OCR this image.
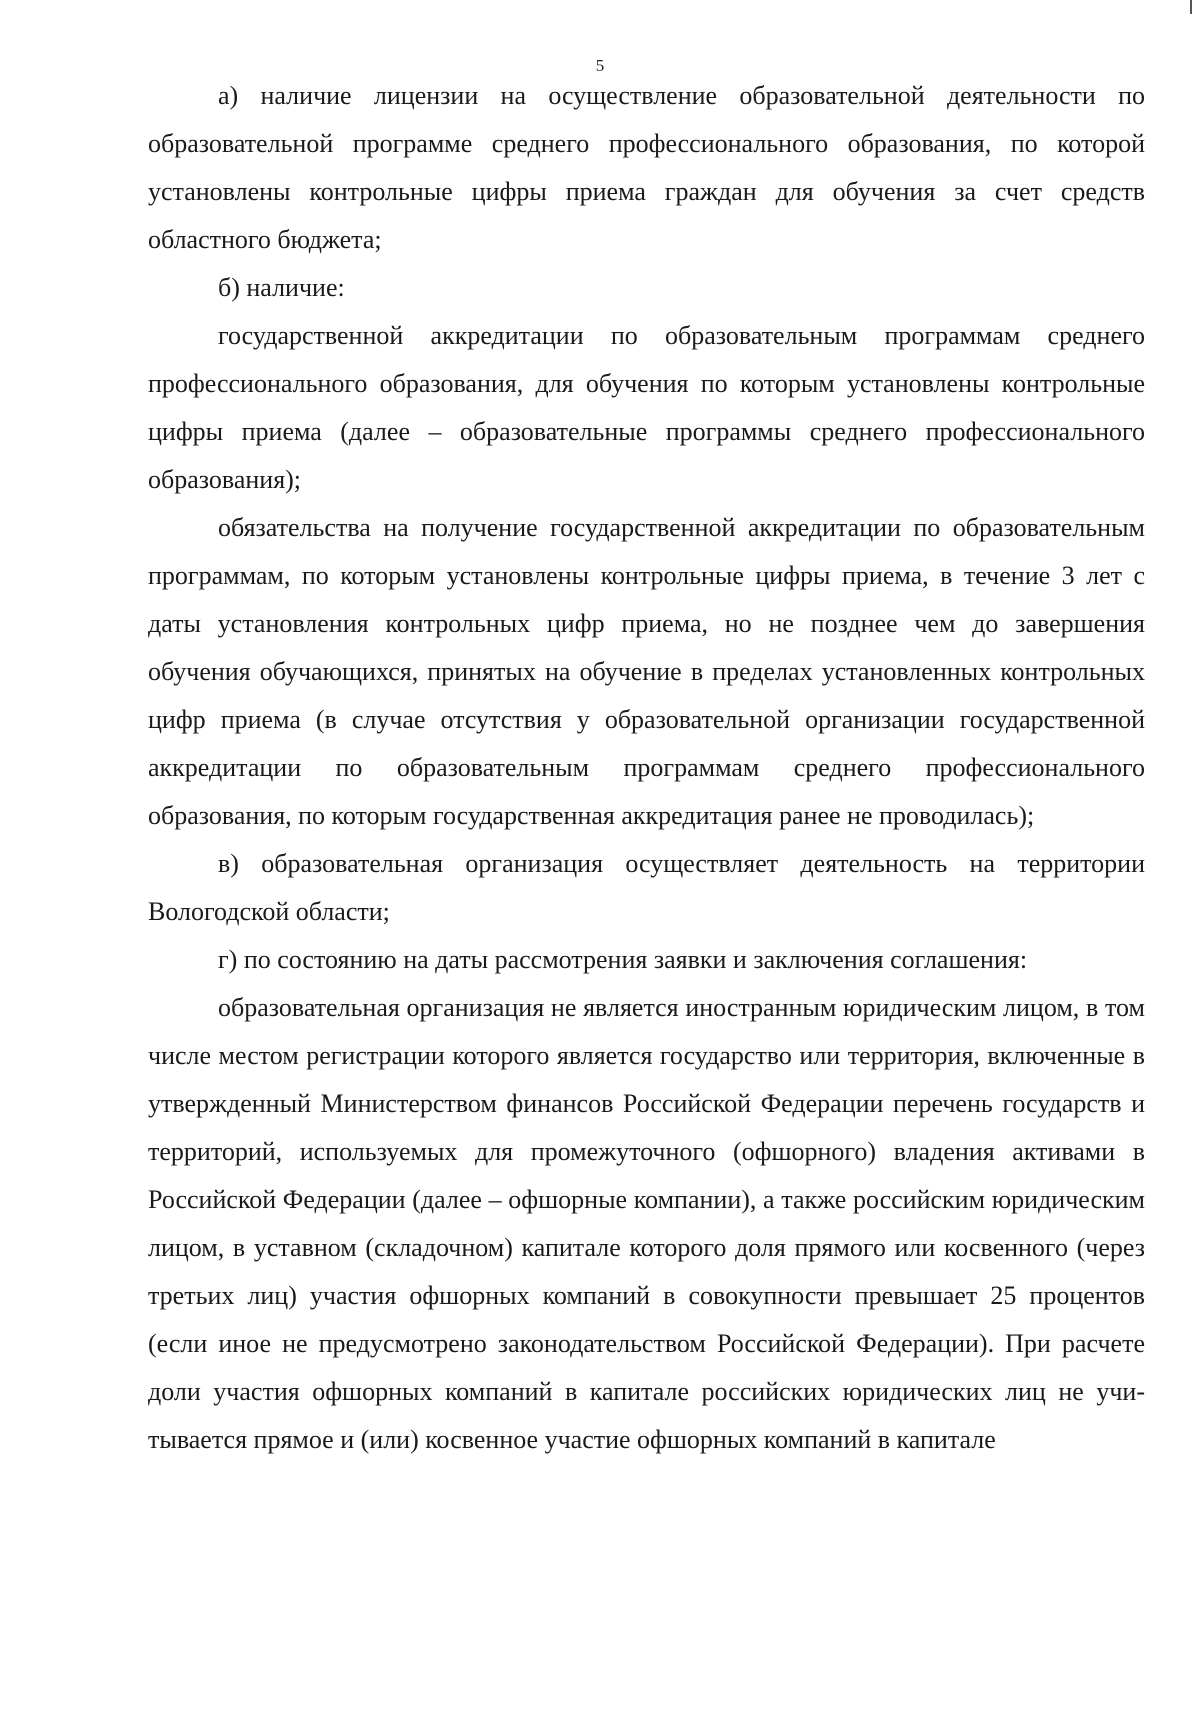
5

а) наличие лицензии на осуществление образовательной деятельности по образовательной программе среднего профессионального образования, по которой установлены контрольные цифры приема граждан для обучения за счет средств областного бюджета;

б) наличие:

государственной аккредитации по образовательным программам среднего профессионального образования, для обучения по которым установлены контрольные цифры приема (далее – образовательные программы среднего профессионального образования);

обязательства на получение государственной аккредитации по образовательным программам, по которым установлены контрольные цифры приема, в течение 3 лет с даты установления контрольных цифр приема, но не позднее чем до завершения обучения обучающихся, принятых на обучение в пределах установленных контрольных цифр приема (в случае отсутствия у образовательной организации государственной аккредитации по образовательным программам среднего профессионального образования, по которым государственная аккредитация ранее не проводилась);

в) образовательная организация осуществляет деятельность на территории Вологодской области;

г) по состоянию на даты рассмотрения заявки и заключения соглашения:

образовательная организация не является иностранным юридическим лицом, в том числе местом регистрации которого является государство или территория, включенные в утвержденный Министерством финансов Российской Федерации перечень государств и территорий, используемых для промежуточного (офшорного) владения активами в Российской Федерации (далее – офшорные компании), а также российским юридическим лицом, в уставном (складочном) капитале которого доля прямого или косвенного (через третьих лиц) участия офшорных компаний в совокупности превышает 25 процентов (если иное не предусмотрено законодательством Российской Федерации). При расчете доли участия офшорных компаний в капитале российских юридических лиц не учитывается прямое и (или) косвенное участие офшорных компаний в капитале
